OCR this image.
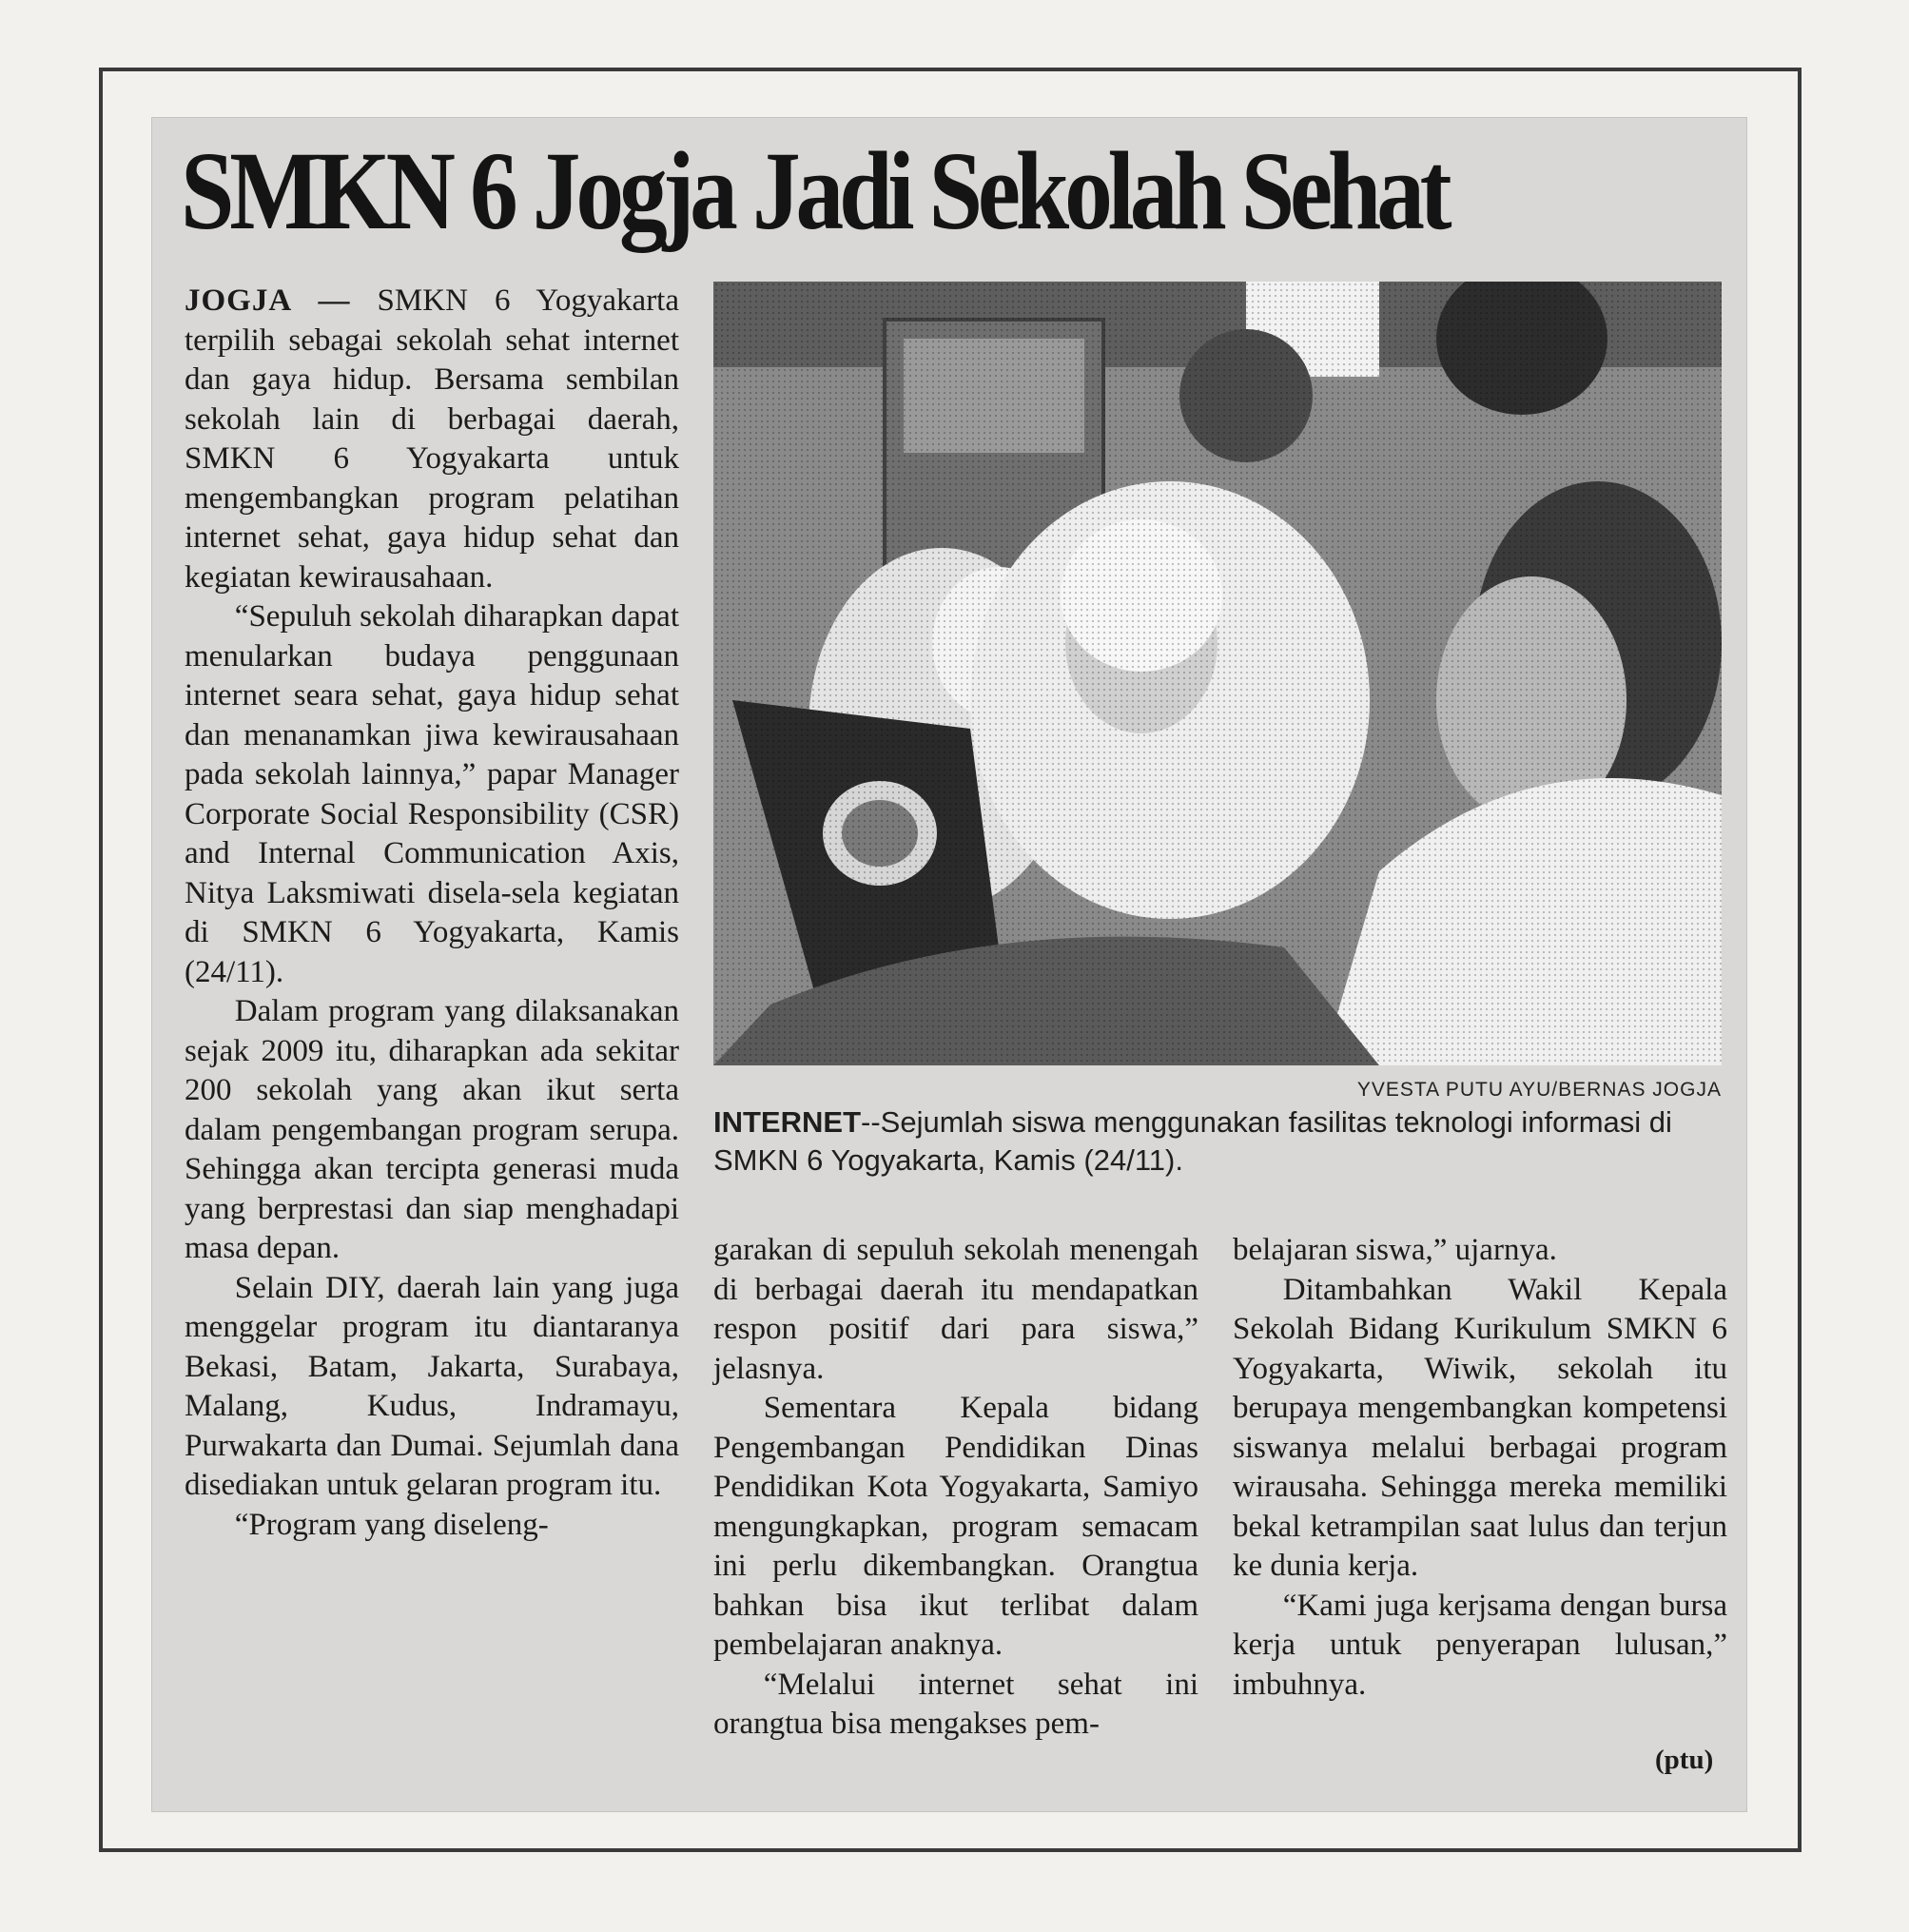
SMKN 6 Jogja Jadi Sekolah Sehat

JOGJA — SMKN 6 Yogyakarta terpilih sebagai sekolah sehat internet dan gaya hidup. Bersama sembilan sekolah lain di berbagai daerah, SMKN 6 Yogyakarta untuk mengembangkan program pelatihan internet sehat, gaya hidup sehat dan kegiatan kewirausahaan.

“Sepuluh sekolah diharapkan dapat menularkan budaya penggunaan internet seara sehat, gaya hidup sehat dan menanamkan jiwa kewirausahaan pada sekolah lainnya,” papar Manager Corporate Social Responsibility (CSR) and Internal Communication Axis, Nitya Laksmiwati disela-sela kegiatan di SMKN 6 Yogyakarta, Kamis (24/11).

Dalam program yang dilaksanakan sejak 2009 itu, diharapkan ada sekitar 200 sekolah yang akan ikut serta dalam pengembangan program serupa. Sehingga akan tercipta generasi muda yang berprestasi dan siap menghadapi masa depan.

Selain DIY, daerah lain yang juga menggelar program itu diantaranya Bekasi, Batam, Jakarta, Surabaya, Malang, Kudus, Indramayu, Purwakarta dan Dumai. Sejumlah dana disediakan untuk gelaran program itu.

“Program yang diseleng-

YVESTA PUTU AYU/BERNAS JOGJA
INTERNET--Sejumlah siswa menggunakan fasilitas teknologi informasi di SMKN 6 Yogyakarta, Kamis (24/11).

garakan di sepuluh sekolah menengah di berbagai daerah itu mendapatkan respon positif dari para siswa,” jelasnya.

Sementara Kepala bidang Pengembangan Pendidikan Dinas Pendidikan Kota Yogyakarta, Samiyo mengungkapkan, program semacam ini perlu dikembangkan. Orangtua bahkan bisa ikut terlibat dalam pembelajaran anaknya.

“Melalui internet sehat ini orangtua bisa mengakses pem-

belajaran siswa,” ujarnya.

Ditambahkan Wakil Kepala Sekolah Bidang Kurikulum SMKN 6 Yogyakarta, Wiwik, sekolah itu berupaya mengembangkan kompetensi siswanya melalui berbagai program wirausaha. Sehingga mereka memiliki bekal ketrampilan saat lulus dan terjun ke dunia kerja.

“Kami juga kerjsama dengan bursa kerja untuk penyerapan lulusan,” imbuhnya.

(ptu)
